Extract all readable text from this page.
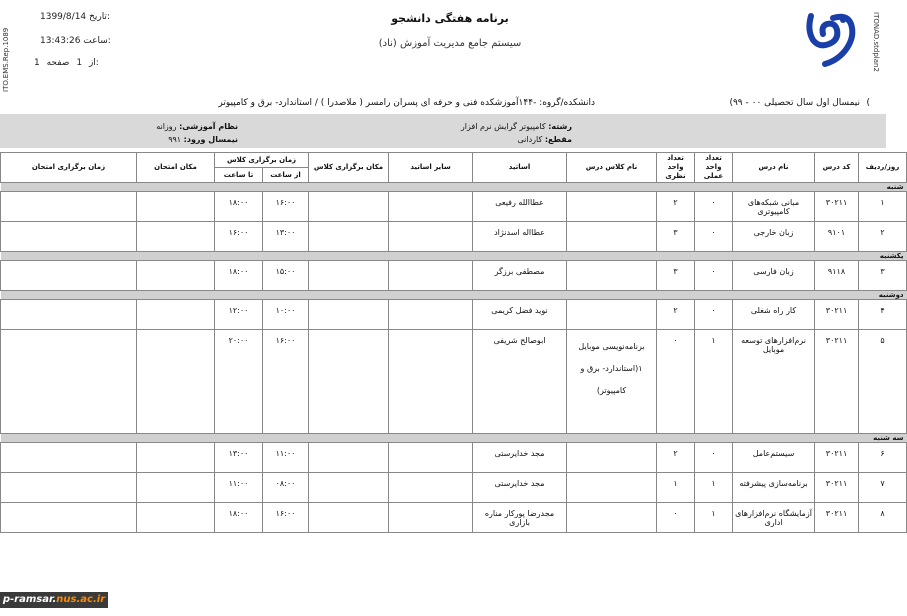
برنامه هفتگی دانشجو
سیستم جامع مدیریت آموزش (ناد)
ITO.EMS.Rep.1089
1399/8/14 تاریخ:
13:43:26 ساعت:
1	از 1 صفحه:	ITONAD.stdplan2
(
نیمسال اول سال تحصیلی ۰۰ - ۹۹)
دانشکده/گروه: -۱۴۴آموزشکده فنی و حرفه ای پسران رامسر ( ملاصدرا ) / استاندارد- برق و کامپیوتر
رشته: کامپیوتر گرایش نرم افزار
مقطع: کاردانی
نظام آموزشی: روزانه
نیمسال ورود: ۹۹۱
روز/ردیف	کد درس	نام درس	تعداد واحد عملی	تعداد واحد نظری	نام کلاس درس	اساتید	سایر اساتید	مکان برگزاری کلاس	زمان برگزاری کلاس		مکان امتحان	زمان برگزاری امتحان
									از ساعت	تا ساعت		
شنبه												
۱	۳۰۲۱۱	مبانی شبکه‌های کامپیوتری	۰	۲		عطاالله رفیعی			۱۶:۰۰	۱۸:۰۰		
۲	۹۱۰۱	زبان خارجی	۰	۳		عطااله اسدنژاد			۱۳:۰۰	۱۶:۰۰		
یکشنبه												
۳	۹۱۱۸	زبان فارسی	۰	۳		مصطفی برزگر			۱۵:۰۰	۱۸:۰۰		
دوشنبه												
۴	۳۰۲۱۱	کار راه شغلی	۰	۲		نوید فضل کریمی			۱۰:۰۰	۱۲:۰۰		
۵	۳۰۲۱۱	نرم‌افزارهای توسعه موبایل	۱	۰	برنامه‌نویسی موبایل ۱(استاندارد- برق و کامپیوتر)	ابوصالح شریفی			۱۶:۰۰	۲۰:۰۰		
سه شنبه												
۶	۳۰۲۱۱	سیستم‌عامل	۰	۲		مجد خدایرستی			۱۱:۰۰	۱۳:۰۰		
۷	۳۰۲۱۱	برنامه‌سازی پیشرفته	۱	۱		مجد خدایرستی			۰۸:۰۰	۱۱:۰۰		
۸	۳۰۲۱۱	آزمایشگاه نرم‌افزارهای اداری	۱	۰		مجدرضا پورکار مناره بازاری			۱۶:۰۰	۱۸:۰۰		
p-ramsar.nus.ac.ir
